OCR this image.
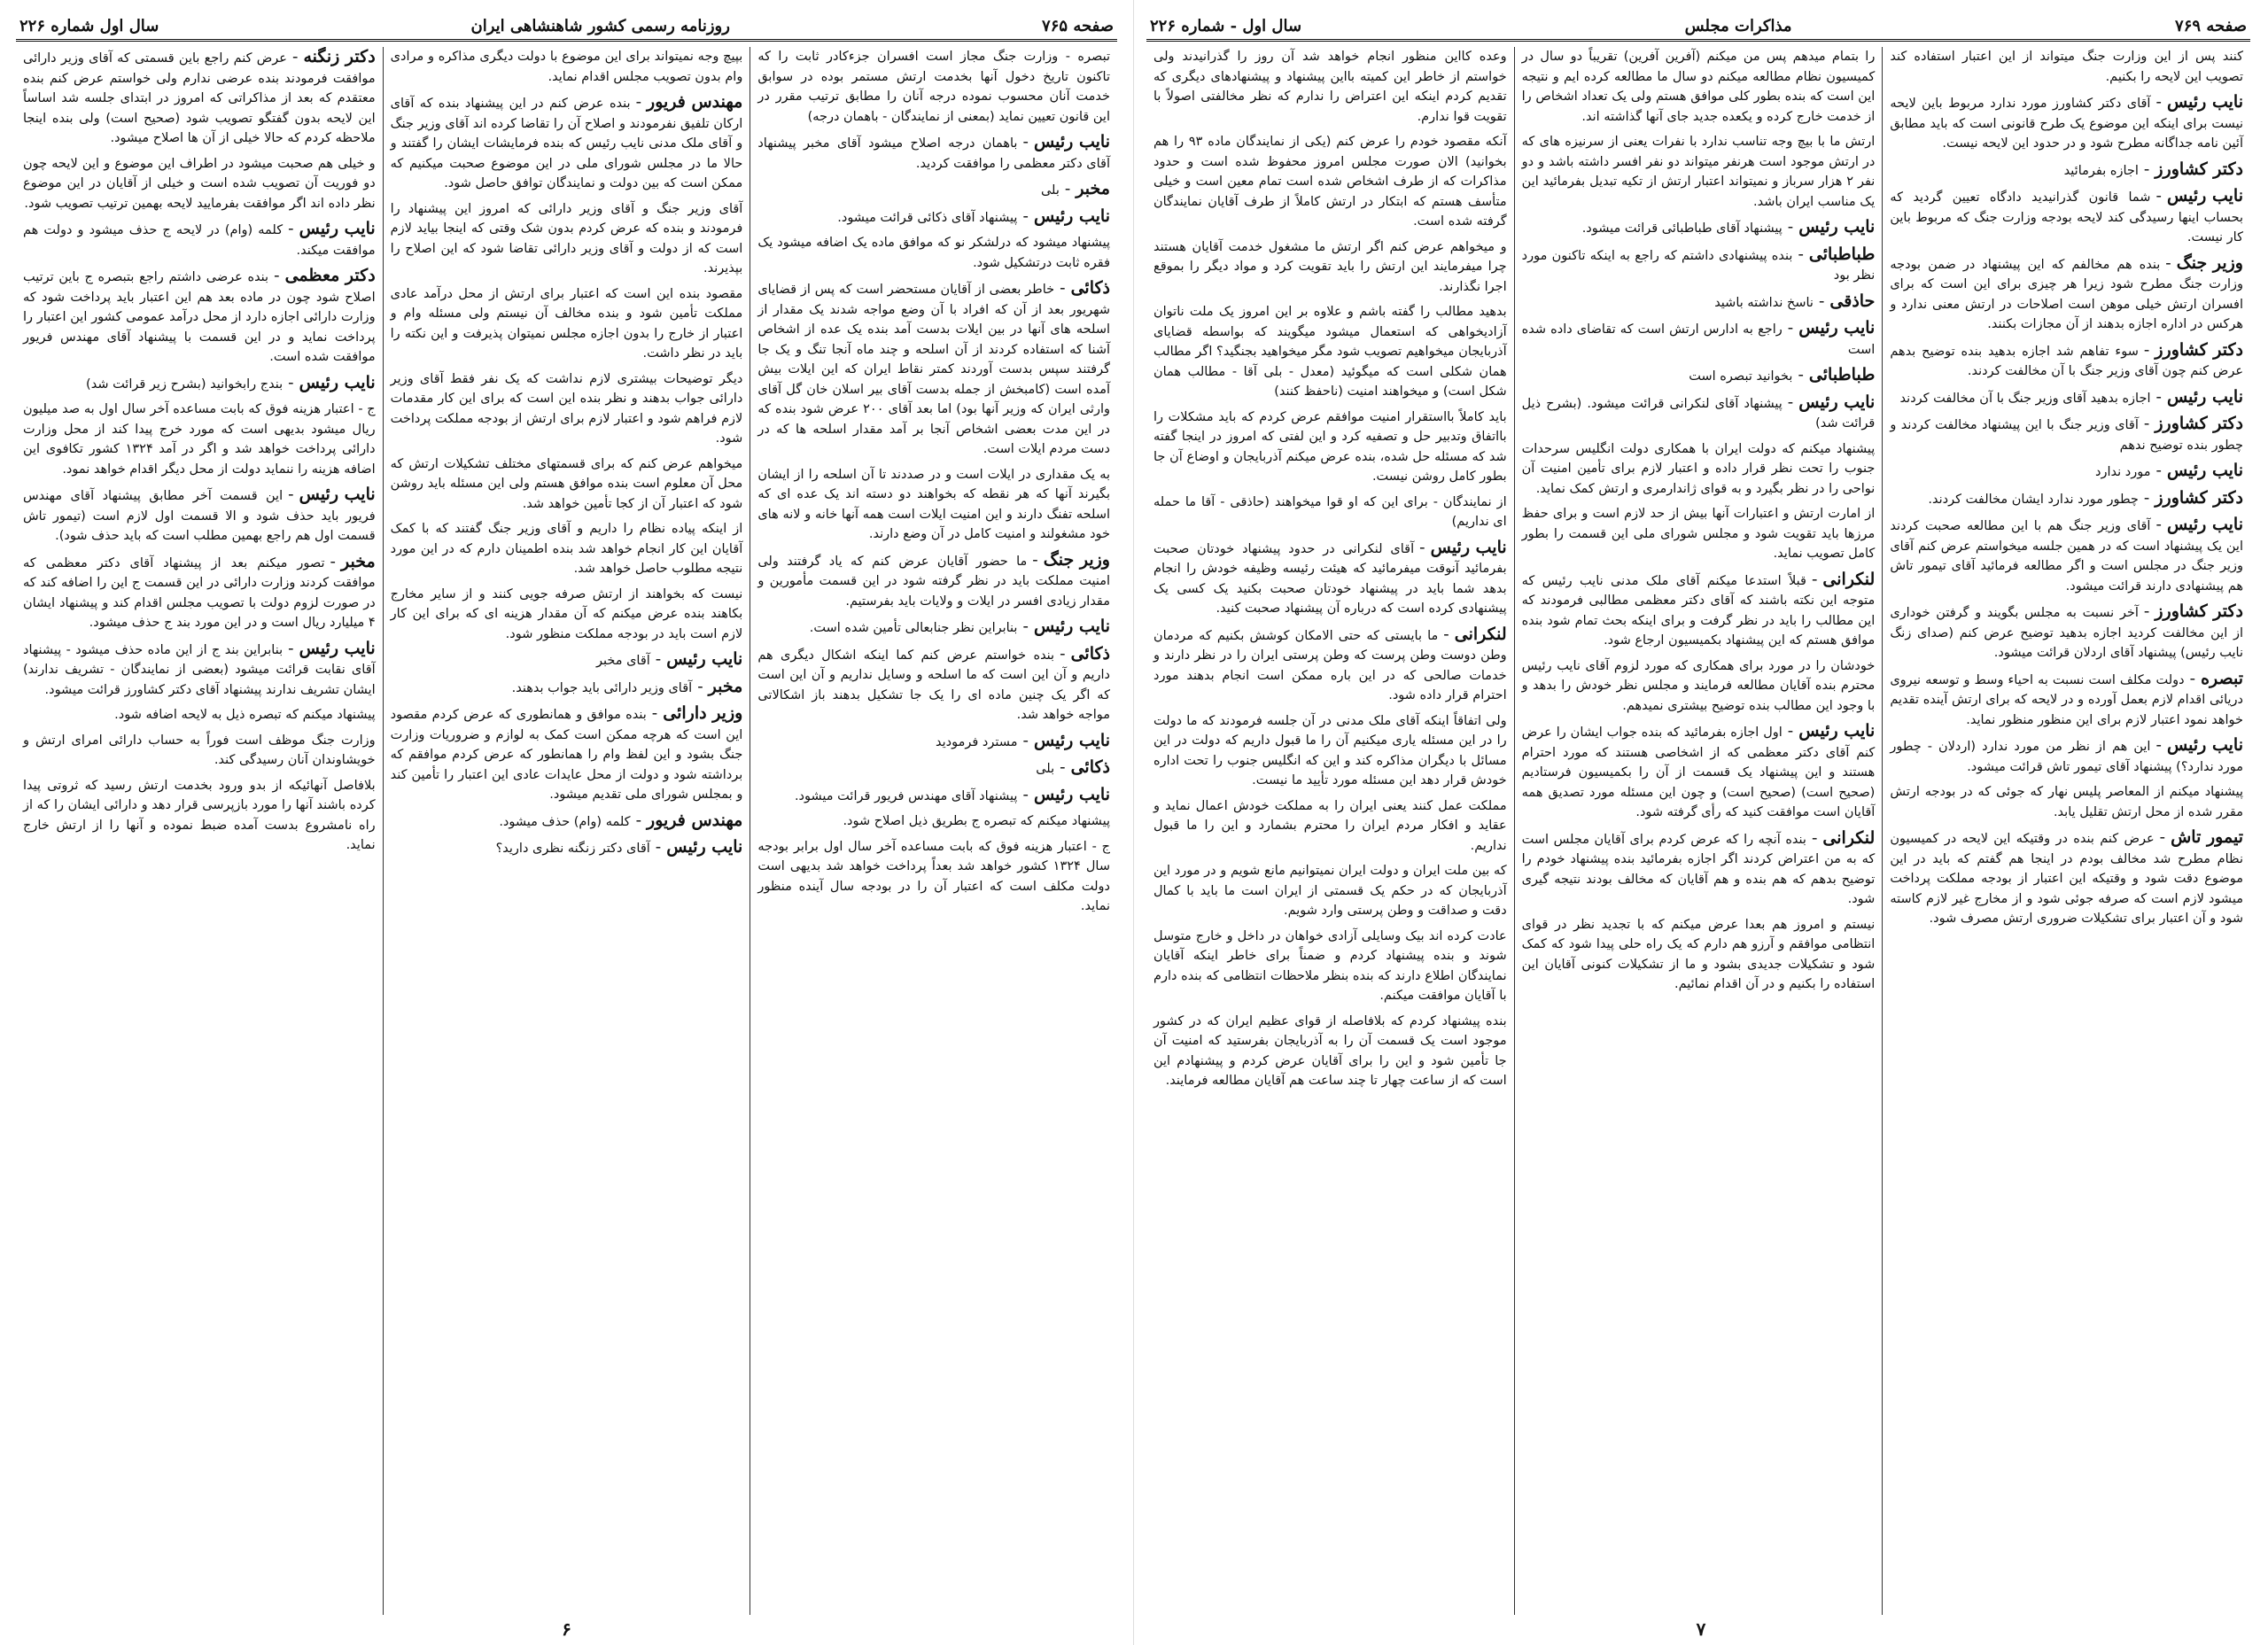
صفحه ۷۶۹
مذاکرات مجلس
سال اول - شماره ۲۲۶

کنند پس از این وزارت جنگ میتواند از این اعتبار استفاده کند تصویب این لایحه را بکنیم.

نایب رئیس - آقای دکتر کشاورز مورد ندارد مربوط باین لایحه نیست برای اینکه این موضوع یک طرح قانونی است که باید مطابق آئین نامه جداگانه مطرح شود و در حدود این لایحه نیست.

دکتر کشاورز - اجازه بفرمائید

نایب رئیس - شما قانون گذرانیدید دادگاه تعیین گردید که بحساب اینها رسیدگی کند لایحه بودجه وزارت جنگ که مربوط باین کار نیست.

وزیر جنگ - بنده هم مخالفم که این پیشنهاد در ضمن بودجه وزارت جنگ مطرح شود زیرا هر چیزی برای این است که برای افسران ارتش خیلی موهن است اصلاحات در ارتش معنی ندارد و هرکس در اداره اجازه بدهند از آن مجازات بکنند.

دکتر کشاورز - سوء تفاهم شد اجازه بدهید بنده توضیح بدهم عرض کنم چون آقای وزیر جنگ با آن مخالفت کردند.

نایب رئیس - اجازه بدهید آقای وزیر جنگ با آن مخالفت کردند

دکتر کشاورز - آقای وزیر جنگ با این پیشنهاد مخالفت کردند و چطور بنده توضیح ندهم

نایب رئیس - مورد ندارد

دکتر کشاورز - چطور مورد ندارد ایشان مخالفت کردند.

نایب رئیس - آقای وزیر جنگ هم با این مطالعه صحبت کردند این یک پیشنهاد است که در همین جلسه میخواستم عرض کنم آقای وزیر جنگ در مجلس است و اگر مطالعه فرمائید آقای تیمور تاش هم پیشنهادی دارند قرائت میشود.

دکتر کشاورز - آخر نسبت به مجلس بگویند و گرفتن خوداری از این مخالفت کردید اجازه بدهید توضیح عرض کنم (صدای زنگ نایب رئیس) پیشنهاد آقای اردلان قرائت میشود.

تبصره - دولت مکلف است نسبت به احیاء وسط و توسعه نیروی دریائی اقدام لازم بعمل آورده و در لایحه که برای ارتش آینده تقدیم خواهد نمود اعتبار لازم برای این منظور منظور نماید.

نایب رئیس - این هم از نظر من مورد ندارد (اردلان - چطور مورد ندارد؟) پیشنهاد آقای تیمور تاش قرائت میشود.

پیشنهاد میکنم از المعاصر پلیس نهار که جوئی که در بودجه ارتش مقرر شده از محل ارتش تقلیل یابد.

تیمور تاش - عرض کنم بنده در وقتیکه این لایحه در کمیسیون نظام مطرح شد مخالف بودم در اینجا هم گفتم که باید در این موضوع دقت شود و وقتیکه این اعتبار از بودجه مملکت پرداخت میشود لازم است که صرفه جوئی شود و از مخارج غیر لازم کاسته شود و آن اعتبار برای تشکیلات ضروری ارتش مصرف شود.

را بتمام میدهم پس من میکنم (آفرین آفرین) تقریباً دو سال در کمیسیون نظام مطالعه میکنم دو سال ما مطالعه کرده ایم و نتیجه این است که بنده بطور کلی موافق هستم ولی یک تعداد اشخاص را از خدمت خارج کرده و یکعده جدید جای آنها گذاشته اند.

ارتش ما با بیچ وجه تناسب ندارد با نفرات یعنی از سرنیزه های که در ارتش موجود است هرنفر میتواند دو نفر افسر داشته باشد و دو نفر ۲ هزار سرباز و نمیتواند اعتبار ارتش از تکیه تبدیل بفرمائید این یک مناسب ایران باشد.

نایب رئیس - پیشنهاد آقای طباطبائی قرائت میشود.

طباطبائی - بنده پیشنهادی داشتم که راجع به اینکه تاکنون مورد نظر بود

حاذقی - ناسخ نداشته باشید

نایب رئیس - راجع به ادارس ارتش است که تقاضای داده شده است

طباطبائی - بخوانید تبصره است

نایب رئیس - پیشنهاد آقای لنکرانی قرائت میشود. (بشرح ذیل قرائت شد)

پیشنهاد میکنم که دولت ایران با همکاری دولت انگلیس سرحدات جنوب را تحت نظر قرار داده و اعتبار لازم برای تأمین امنیت آن نواحی را در نظر بگیرد و به قوای ژاندارمری و ارتش کمک نماید.

از امارت ارتش و اعتبارات آنها بیش از حد لازم است و برای حفظ مرزها باید تقویت شود و مجلس شورای ملی این قسمت را بطور کامل تصویب نماید.

لنکرانی - قبلاً استدعا میکنم آقای ملک مدنی نایب رئیس که متوجه این نکته باشند که آقای دکتر معظمی مطالبی فرمودند که این مطالب را باید در نظر گرفت و برای اینکه بحث تمام شود بنده موافق هستم که این پیشنهاد بکمیسیون ارجاع شود.

خودشان را در مورد برای همکاری که مورد لزوم آقای نایب رئیس محترم بنده آقایان مطالعه فرمایند و مجلس نظر خودش را بدهد و با وجود این مطالب بنده توضیح بیشتری نمیدهم.

نایب رئیس - اول اجازه بفرمائید که بنده جواب ایشان را عرض کنم آقای دکتر معظمی که از اشخاصی هستند که مورد احترام هستند و این پیشنهاد یک قسمت از آن را بکمیسیون فرستادیم (صحیح است) (صحیح است) و چون این مسئله مورد تصدیق همه آقایان است موافقت کنید که رأی گرفته شود.

لنکرانی - بنده آنچه را که عرض کردم برای آقایان مجلس است که به من اعتراض کردند اگر اجازه بفرمائید بنده پیشنهاد خودم را توضیح بدهم که هم بنده و هم آقایان که مخالف بودند نتیجه گیری شود.

نیستم و امروز هم بعدا عرض میکنم که با تجدید نظر در قوای انتظامی موافقم و آرزو هم دارم که یک راه حلی پیدا شود که کمک شود و تشکیلات جدیدی بشود و ما از تشکیلات کنونی آقایان این استفاده را بکنیم و در آن اقدام نمائیم.

وعده کااین منظور انجام خواهد شد آن روز را گذرانیدند ولی خواستم از خاطر این کمیته بااین پیشنهاد و پیشنهادهای دیگری که تقدیم کردم اینکه این اعتراض را ندارم که نظر مخالفتی اصولاً با تقویت قوا ندارم.

آنکه مقصود خودم را عرض کنم (یکی از نمایندگان ماده ۹۳ را هم بخوانید) الان صورت مجلس امروز محفوظ شده است و حدود مذاکرات که از طرف اشخاص شده است تمام معین است و خیلی متأسف هستم که ابتکار در ارتش کاملاً از طرف آقایان نمایندگان گرفته شده است.

و میخواهم عرض کنم اگر ارتش ما مشغول خدمت آقایان هستند چرا میفرمایند این ارتش را باید تقویت کرد و مواد دیگر را بموقع اجرا نگذارند.

بدهید مطالب را گفته باشم و علاوه بر این امروز یک ملت ناتوان آزادیخواهی که استعمال میشود میگویند که بواسطه قضایای آذربایجان میخواهیم تصویب شود مگر میخواهید بجنگید؟ اگر مطالب همان شکلی است که میگوئید (معدل - بلی آقا - مطالب همان شکل است) و میخواهند امنیت (ناحفظ کنند)

باید کاملاً بااستقرار امنیت موافقم عرض کردم که باید مشکلات را بااتفاق وتدبیر حل و تصفیه کرد و این لفتی که امروز در اینجا گفته شد که مسئله حل شده، بنده عرض میکنم آذربایجان و اوضاع آن جا بطور کامل روشن نیست.

از نمایندگان - برای این که او قوا میخواهند (حاذقی - آقا ما حمله ای نداریم)

نایب رئیس - آقای لنکرانی در حدود پیشنهاد خودتان صحبت بفرمائید آنوقت میفرمائید که هیئت رئیسه وظیفه خودش را انجام بدهد شما باید در پیشنهاد خودتان صحبت بکنید یک کسی یک پیشنهادی کرده است که درباره آن پیشنهاد صحبت کنید.

لنکرانی - ما بایستی که حتی الامکان کوشش بکنیم که مردمان وطن دوست وطن پرست که وطن پرستی ایران را در نظر دارند و خدمات صالحی که در این باره ممکن است انجام بدهند مورد احترام قرار داده شود.

ولی اتفاقاً اینکه آقای ملک مدنی در آن جلسه فرمودند که ما دولت را در این مسئله یاری میکنیم آن را ما قبول داریم که دولت در این مسائل با دیگران مذاکره کند و این که انگلیس جنوب را تحت اداره خودش قرار دهد این مسئله مورد تأیید ما نیست.

مملکت عمل کنند یعنی ایران را به مملکت خودش اعمال نماید و عقاید و افکار مردم ایران را محترم بشمارد و این را ما قبول نداریم.

که بین ملت ایران و دولت ایران نمیتوانیم مانع شویم و در مورد این آذربایجان که در حکم یک قسمتی از ایران است ما باید با کمال دقت و صداقت و وطن پرستی وارد شویم.

عادت کرده اند بیک وسایلی آزادی خواهان در داخل و خارج متوسل شوند و بنده پیشنهاد کردم و ضمناً برای خاطر اینکه آقایان نمایندگان اطلاع دارند که بنده بنظر ملاحظات انتظامی که بنده دارم با آقایان موافقت میکنم.

بنده پیشنهاد کردم که بلافاصله از قوای عظیم ایران که در کشور موجود است یک قسمت آن را به آذربایجان بفرستید که امنیت آن جا تأمین شود و این را برای آقایان عرض کردم و پیشنهادم این است که از ساعت چهار تا چند ساعت هم آقایان مطالعه فرمایند.

۷
صفحه ۷۶۵
روزنامه رسمی کشور شاهنشاهی ایران
سال اول شماره ۲۲۶

تبصره - وزارت جنگ مجاز است افسران جزءکادر ثابت را که تاکنون تاریخ دخول آنها بخدمت ارتش مستمر بوده در سوابق خدمت آنان محسوب نموده درجه آنان را مطابق ترتیب مقرر در این قانون تعیین نماید (بمعنی از نمایندگان - باهمان درجه)

نایب رئیس - باهمان درجه اصلاح میشود آقای مخبر پیشنهاد آقای دکتر معظمی را موافقت کردید.

مخبر - بلی

نایب رئیس - پیشنهاد آقای ذکائی قرائت میشود.

پیشنهاد میشود که درلشکر نو که موافق ماده یک اضافه میشود یک فقره ثابت درتشکیل شود.

ذکائی - خاطر بعضی از آقایان مستحضر است که پس از قضایای شهریور بعد از آن که افراد با آن وضع مواجه شدند یک مقدار از اسلحه های آنها در بین ایلات بدست آمد بنده یک عده از اشخاص آشنا که استفاده کردند از آن اسلحه و چند ماه آنجا تنگ و یک جا گرفتند سپس بدست آوردند کمتر نقاط ایران که این ایلات بیش آمده است (کامبخش از جمله بدست آقای بیر اسلان خان گل آقای وارثی ایران که وزیر آنها بود) اما بعد آقای ۲۰۰ عرض شود بنده که در این مدت بعضی اشخاص آنجا بر آمد مقدار اسلحه ها که در دست مردم ایلات است.

به یک مقداری در ایلات است و در صددند تا آن اسلحه را از ایشان بگیرند آنها که هر نقطه که بخواهند دو دسته اند یک عده ای که اسلحه تفنگ دارند و این امنیت ایلات است همه آنها خانه و لانه های خود مشغولند و امنیت کامل در آن وضع دارند.

وزیر جنگ - ما حضور آقایان عرض کنم که یاد گرفتند ولی امنیت مملکت باید در نظر گرفته شود در این قسمت مأمورین و مقدار زیادی افسر در ایلات و ولایات باید بفرستیم.

نایب رئیس - بنابراین نظر جنابعالی تأمین شده است.

ذکائی - بنده خواستم عرض کنم کما اینکه اشکال دیگری هم داریم و آن این است که ما اسلحه و وسایل نداریم و آن این است که اگر یک چنین ماده ای را یک جا تشکیل بدهند باز اشکالاتی مواجه خواهد شد.

نایب رئیس - مسترد فرمودید

ذکائی - بلی

نایب رئیس - پیشنهاد آقای مهندس فریور قرائت میشود.

پیشنهاد میکنم که تبصره ج بطریق ذیل اصلاح شود.

ج - اعتبار هزینه فوق که بابت مساعده آخر سال اول برابر بودجه سال ۱۳۲۴ کشور خواهد شد بعداً پرداخت خواهد شد بدیهی است دولت مکلف است که اعتبار آن را در بودجه سال آینده منظور نماید.

بپیچ وجه نمیتواند برای این موضوع با دولت دیگری مذاکره و مرادی وام بدون تصویب مجلس اقدام نماید.

مهندس فریور - بنده عرض کنم در این پیشنهاد بنده که آقای ارکان تلفیق نفرمودند و اصلاح آن را تقاضا کرده اند آقای وزیر جنگ و آقای ملک مدنی نایب رئیس که بنده فرمایشات ایشان را گفتند و حالا ما در مجلس شورای ملی در این موضوع صحبت میکنیم که ممکن است که بین دولت و نمایندگان توافق حاصل شود.

آقای وزیر جنگ و آقای وزیر دارائی که امروز این پیشنهاد را فرمودند و بنده که عرض کردم بدون شک وقتی که اینجا بیاید لازم است که از دولت و آقای وزیر دارائی تقاضا شود که این اصلاح را بپذیرند.

مقصود بنده این است که اعتبار برای ارتش از محل درآمد عادی مملکت تأمین شود و بنده مخالف آن نیستم ولی مسئله وام و اعتبار از خارج را بدون اجازه مجلس نمیتوان پذیرفت و این نکته را باید در نظر داشت.

دیگر توضیحات بیشتری لازم نداشت که یک نفر فقط آقای وزیر دارائی جواب بدهند و نظر بنده این است که برای این کار مقدمات لازم فراهم شود و اعتبار لازم برای ارتش از بودجه مملکت پرداخت شود.

میخواهم عرض کنم که برای قسمتهای مختلف تشکیلات ارتش که محل آن معلوم است بنده موافق هستم ولی این مسئله باید روشن شود که اعتبار آن از کجا تأمین خواهد شد.

از اینکه پیاده نظام را داریم و آقای وزیر جنگ گفتند که با کمک آقایان این کار انجام خواهد شد بنده اطمینان دارم که در این مورد نتیجه مطلوب حاصل خواهد شد.

نیست که بخواهند از ارتش صرفه جویی کنند و از سایر مخارج بکاهند بنده عرض میکنم که آن مقدار هزینه ای که برای این کار لازم است باید در بودجه مملکت منظور شود.

نایب رئیس - آقای مخبر

مخبر - آقای وزیر دارائی باید جواب بدهند.

وزیر دارائی - بنده موافق و همانطوری که عرض کردم مقصود این است که هرچه ممکن است کمک به لوازم و ضروریات وزارت جنگ بشود و این لفظ وام را همانطور که عرض کردم موافقم که برداشته شود و دولت از محل عایدات عادی این اعتبار را تأمین کند و بمجلس شورای ملی تقدیم میشود.

مهندس فریور - کلمه (وام) حذف میشود.

نایب رئیس - آقای دکتر زنگنه نظری دارید؟

دکتر زنگنه - عرض کنم راجع باین قسمتی که آقای وزیر دارائی موافقت فرمودند بنده عرضی ندارم ولی خواستم عرض کنم بنده معتقدم که بعد از مذاکراتی که امروز در ابتدای جلسه شد اساساً این لایحه بدون گفتگو تصویب شود (صحیح است) ولی بنده اینجا ملاحظه کردم که حالا خیلی از آن ها اصلاح میشود.

و خیلی هم صحبت میشود در اطراف این موضوع و این لایحه چون دو فوریت آن تصویب شده است و خیلی از آقایان در این موضوع نظر داده اند اگر موافقت بفرمایید لایحه بهمین ترتیب تصویب شود.

نایب رئیس - کلمه (وام) در لایحه ج حذف میشود و دولت هم موافقت میکند.

دکتر معظمی - بنده عرضی داشتم راجع بتبصره ج باین ترتیب اصلاح شود چون در ماده بعد هم این اعتبار باید پرداخت شود که وزارت دارائی اجازه دارد از محل درآمد عمومی کشور این اعتبار را پرداخت نماید و در این قسمت با پیشنهاد آقای مهندس فریور موافقت شده است.

نایب رئیس - بندج رابخوانید (بشرح زیر قرائت شد)

ج - اعتبار هزینه فوق که بابت مساعده آخر سال اول به صد میلیون ریال میشود بدیهی است که مورد خرج پیدا کند از محل وزارت دارائی پرداخت خواهد شد و اگر در آمد ۱۳۲۴ کشور تکافوی این اضافه هزینه را ننماید دولت از محل دیگر اقدام خواهد نمود.

نایب رئیس - این قسمت آخر مطابق پیشنهاد آقای مهندس فریور باید حذف شود و الا قسمت اول لازم است (تیمور تاش قسمت اول هم راجع بهمین مطلب است که باید حذف شود).

مخبر - تصور میکنم بعد از پیشنهاد آقای دکتر معظمی که موافقت کردند وزارت دارائی در این قسمت ج این را اضافه کند که در صورت لزوم دولت با تصویب مجلس اقدام کند و پیشنهاد ایشان ۴ میلیارد ریال است و در این مورد بند ج حذف میشود.

نایب رئیس - بنابراین بند ج از این ماده حذف میشود - پیشنهاد آقای نقابت قرائت میشود (بعضی از نمایندگان - تشریف ندارند) ایشان تشریف ندارند پیشنهاد آقای دکتر کشاورز قرائت میشود.

پیشنهاد میکنم که تبصره ذیل به لایحه اضافه شود.

وزارت جنگ موظف است فوراً به حساب دارائی امرای ارتش و خویشاوندان آنان رسیدگی کند.

بلافاصل آنهائیکه از بدو ورود بخدمت ارتش رسید که ثروتی پیدا کرده باشند آنها را مورد بازپرسی قرار دهد و دارائی ایشان را که از راه نامشروع بدست آمده ضبط نموده و آنها را از ارتش خارج نماید.

۶
